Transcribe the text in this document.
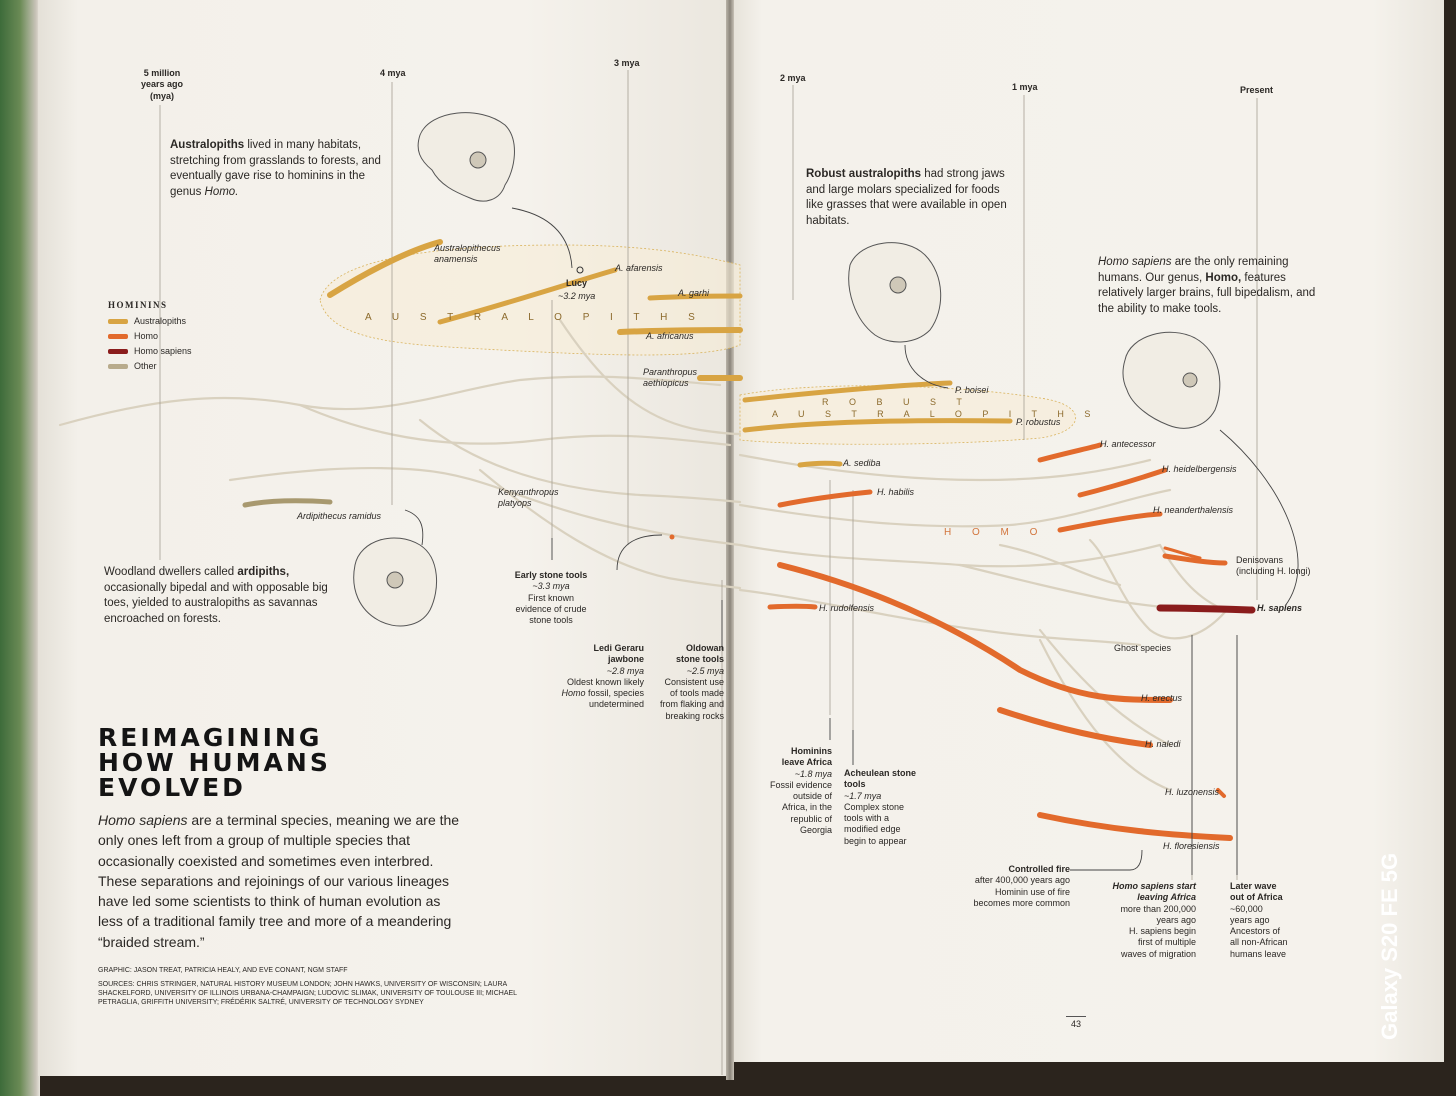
5 million
years ago
(mya)
4 mya
3 mya
2 mya
1 mya	Present
HOMININS
Australopiths
Homo
Homo sapiens
Other
Australopiths lived in many habitats, stretching from grasslands to forests, and eventually gave rise to hominins in the genus Homo.
Robust australopiths had strong jaws and large molars specialized for foods like grasses that were available in open habitats.
Homo sapiens are the only remaining humans. Our genus, Homo, features relatively larger brains, full bipedalism, and the ability to make tools.
Woodland dwellers called ardipiths, occasionally bipedal and with opposable big toes, yielded to australopiths as savannas encroached on forests.
A U S T R A L O P I T H S
R O B U S T
A U S T R A L O P I T H S
H O M O
Australopithecus
anamensis
Lucy
~3.2 mya
A. afarensis
A. garhi
A. africanus
Paranthropus
aethiopicus
P. boisei
P. robustus
A. sediba
H. habilis
H. rudolfensis
Ardipithecus ramidus
Kenyanthropus
platyops
H. antecessor
H. heidelbergensis
H. neanderthalensis
Denisovans
(including H. longi)
H. sapiens
Ghost species
H. erectus
H. naledi
H. luzonensis
H. floresiensis
Early stone tools
~3.3 mya
First known
evidence of crude
stone tools
Ledi Geraru
jawbone
~2.8 mya
Oldest known likely
Homo fossil, species
undetermined
Oldowan
stone tools
~2.5 mya
Consistent use
of tools made
from flaking and
breaking rocks
Hominins
leave Africa
~1.8 mya
Fossil evidence
outside of
Africa, in the
republic of
Georgia
Acheulean stone
tools
~1.7 mya
Complex stone
tools with a
modified edge
begin to appear
Controlled fire
after 400,000 years ago
Hominin use of fire
becomes more common
Homo sapiens start
leaving Africa
more than 200,000
years ago
H. sapiens begin
first of multiple
waves of migration
Later wave
out of Africa
~60,000
years ago
Ancestors of
all non-African
humans leave
REIMAGINING
HOW HUMANS
EVOLVED
Homo sapiens are a terminal species, meaning we are the only ones left from a group of multiple species that occasionally coexisted and sometimes even interbred. These separations and rejoinings of our various lineages have led some scientists to think of human evolution as less of a traditional family tree and more of a meandering “braided stream.”
GRAPHIC: JASON TREAT, PATRICIA HEALY, AND EVE CONANT, NGM STAFF
SOURCES: CHRIS STRINGER, NATURAL HISTORY MUSEUM LONDON; JOHN HAWKS, UNIVERSITY OF WISCONSIN; LAURA SHACKELFORD, UNIVERSITY OF ILLINOIS URBANA-CHAMPAIGN; LUDOVIC SLIMAK, UNIVERSITY OF TOULOUSE III; MICHAEL PETRAGLIA, GRIFFITH UNIVERSITY; FRÉDÉRIK SALTRÉ, UNIVERSITY OF TECHNOLOGY SYDNEY
43	Galaxy S20 FE 5G
